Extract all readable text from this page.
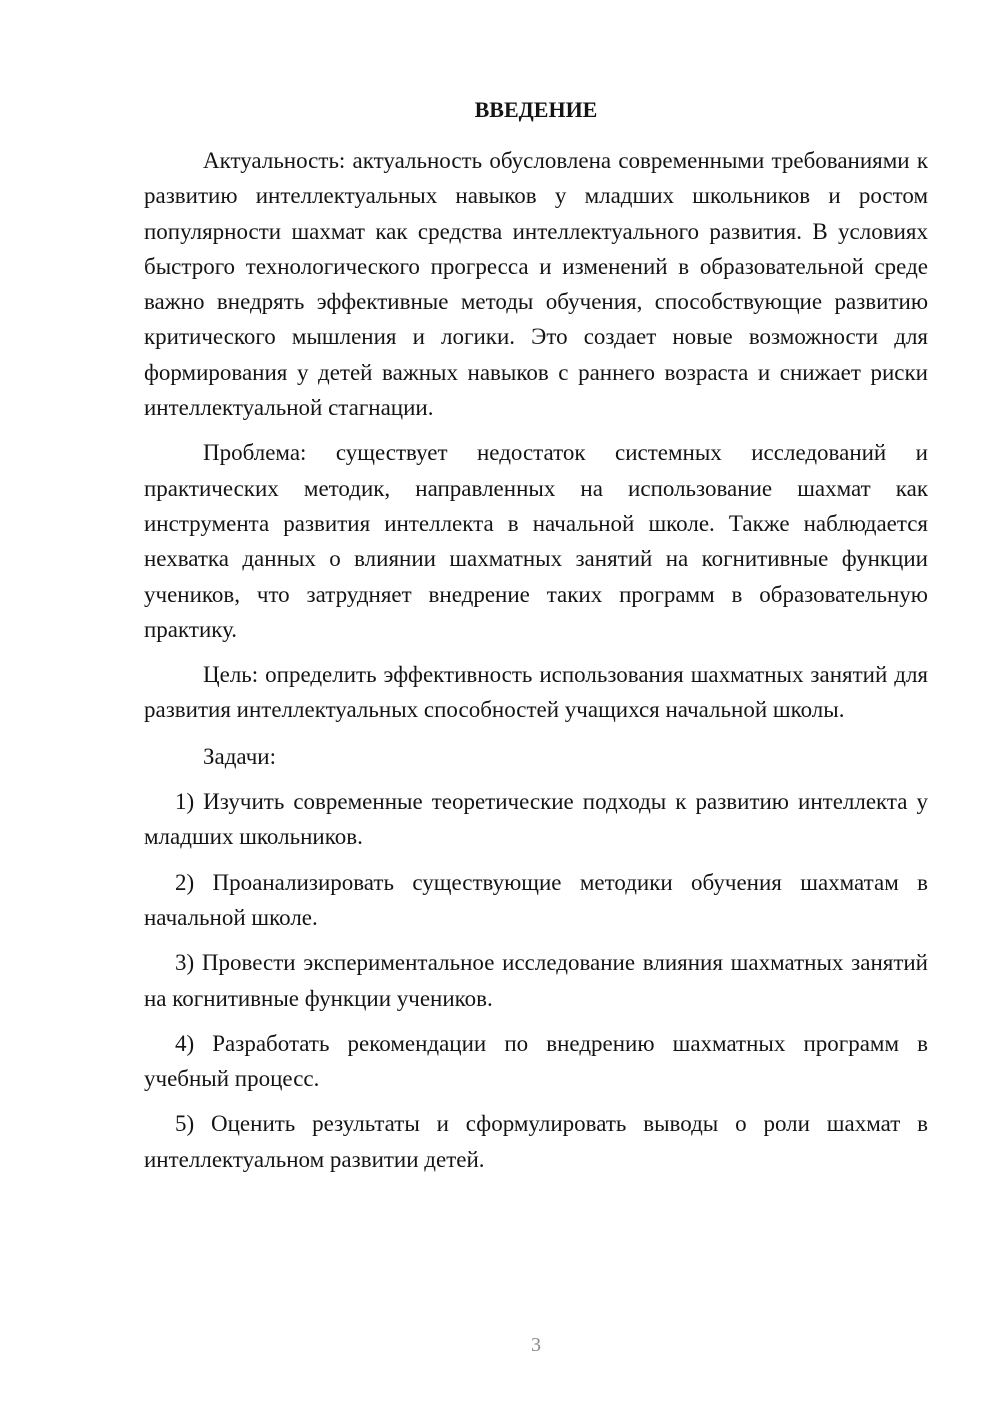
ВВЕДЕНИЕ

Актуальность: актуальность обусловлена современными требованиями к развитию интеллектуальных навыков у младших школьников и ростом популярности шахмат как средства интеллектуального развития. В условиях быстрого технологического прогресса и изменений в образовательной среде важно внедрять эффективные методы обучения, способствующие развитию критического мышления и логики. Это создает новые возможности для формирования у детей важных навыков с раннего возраста и снижает риски интеллектуальной стагнации.

Проблема: существует недостаток системных исследований и практических методик, направленных на использование шахмат как инструмента развития интеллекта в начальной школе. Также наблюдается нехватка данных о влиянии шахматных занятий на когнитивные функции учеников, что затрудняет внедрение таких программ в образовательную практику.

Цель: определить эффективность использования шахматных занятий для развития интеллектуальных способностей учащихся начальной школы.

Задачи:

1) Изучить современные теоретические подходы к развитию интеллекта у младших школьников.

2) Проанализировать существующие методики обучения шахматам в начальной школе.

3) Провести экспериментальное исследование влияния шахматных занятий на когнитивные функции учеников.

4) Разработать рекомендации по внедрению шахматных программ в учебный процесс.

5) Оценить результаты и сформулировать выводы о роли шахмат в интеллектуальном развитии детей.

3
